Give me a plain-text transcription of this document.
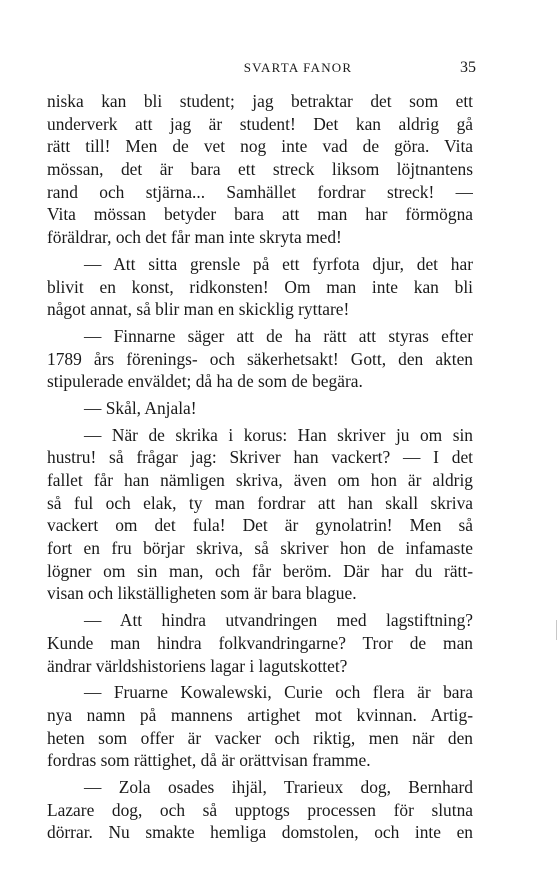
SVARTA FANOR	35
niska kan bli student; jag betraktar det som ett
underverk att jag är student! Det kan aldrig gå
rätt till! Men de vet nog inte vad de göra. Vita
mössan, det är bara ett streck liksom löjtnantens
rand och stjärna... Samhället fordrar streck! —
Vita mössan betyder bara att man har förmögna
föräldrar, och det får man inte skryta med!
— Att sitta grensle på ett fyrfota djur, det har
blivit en konst, ridkonsten! Om man inte kan bli
något annat, så blir man en skicklig ryttare!
— Finnarne säger att de ha rätt att styras efter
1789 års förenings- och säkerhetsakt! Gott, den akten
stipulerade enväldet; då ha de som de begära.
— Skål, Anjala!
— När de skrika i korus: Han skriver ju om sin
hustru! så frågar jag: Skriver han vackert? — I det
fallet får han nämligen skriva, även om hon är aldrig
så ful och elak, ty man fordrar att han skall skriva
vackert om det fula! Det är gynolatrin! Men så
fort en fru börjar skriva, så skriver hon de infamaste
lögner om sin man, och får beröm. Där har du rätt-
visan och likställigheten som är bara blague.
— Att hindra utvandringen med lagstiftning?
Kunde man hindra folkvandringarne? Tror de man
ändrar världshistoriens lagar i lagutskottet?
— Fruarne Kowalewski, Curie och flera är bara
nya namn på mannens artighet mot kvinnan. Artig-
heten som offer är vacker och riktig, men när den
fordras som rättighet, då är orättvisan framme.
— Zola osades ihjäl, Trarieux dog, Bernhard
Lazare dog, och så upptogs processen för slutna
dörrar. Nu smakte hemliga domstolen, och inte en
